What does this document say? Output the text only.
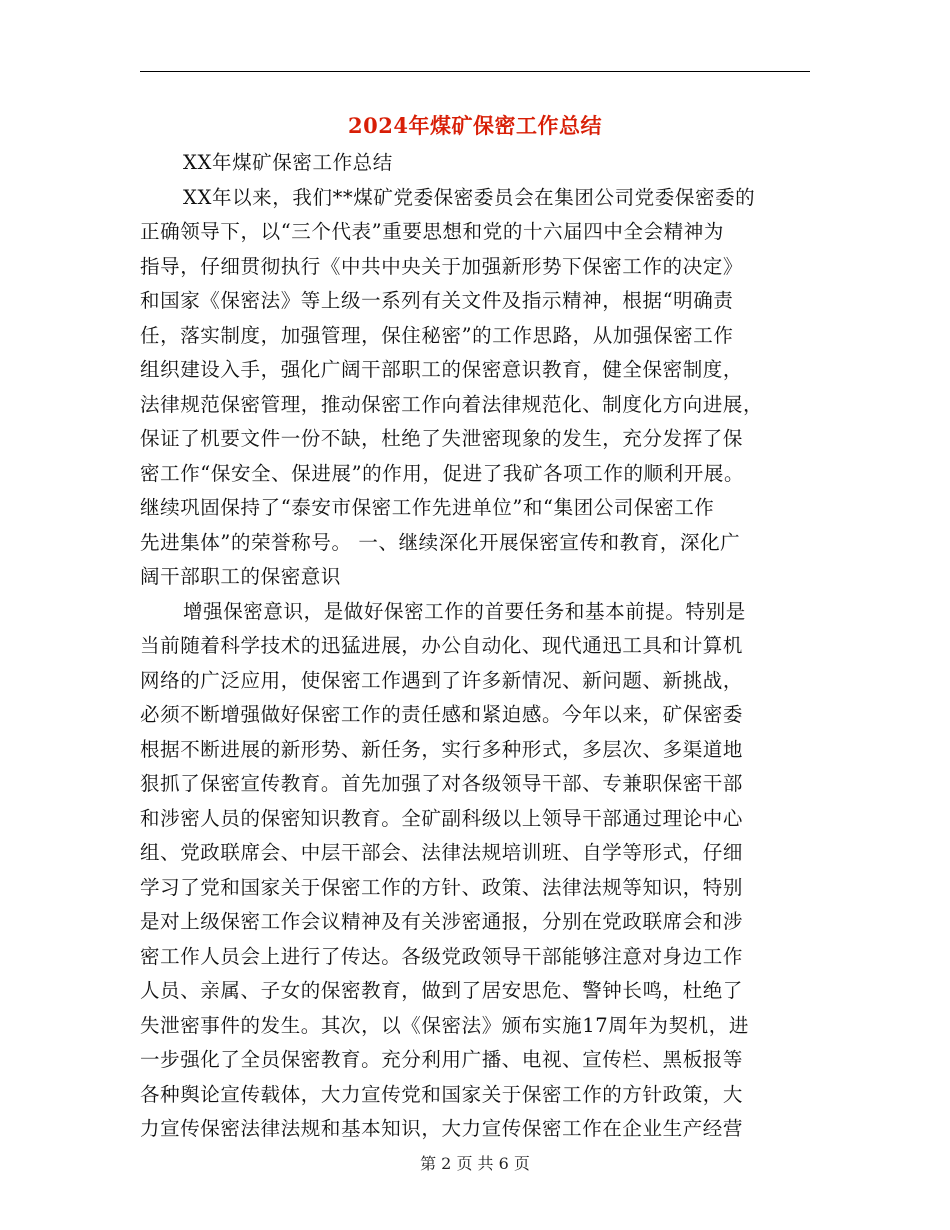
2024年煤矿保密工作总结
XX年煤矿保密工作总结
XX年以来，我们**煤矿党委保密委员会在集团公司党委保密委的
正确领导下，以“三个代表”重要思想和党的十六届四中全会精神为
指导，仔细贯彻执行《中共中央关于加强新形势下保密工作的决定》
和国家《保密法》等上级一系列有关文件及指示精神，根据“明确责
任，落实制度，加强管理，保住秘密”的工作思路，从加强保密工作
组织建设入手，强化广阔干部职工的保密意识教育，健全保密制度，
法律规范保密管理，推动保密工作向着法律规范化、制度化方向进展，
保证了机要文件一份不缺，杜绝了失泄密现象的发生，充分发挥了保
密工作“保安全、保进展”的作用，促进了我矿各项工作的顺利开展。
继续巩固保持了“泰安市保密工作先进单位”和“集团公司保密工作
先进集体”的荣誉称号。 一、继续深化开展保密宣传和教育，深化广
阔干部职工的保密意识
增强保密意识，是做好保密工作的首要任务和基本前提。特别是
当前随着科学技术的迅猛进展，办公自动化、现代通迅工具和计算机
网络的广泛应用，使保密工作遇到了许多新情况、新问题、新挑战，
必须不断增强做好保密工作的责任感和紧迫感。今年以来，矿保密委
根据不断进展的新形势、新任务，实行多种形式，多层次、多渠道地
狠抓了保密宣传教育。首先加强了对各级领导干部、专兼职保密干部
和涉密人员的保密知识教育。全矿副科级以上领导干部通过理论中心
组、党政联席会、中层干部会、法律法规培训班、自学等形式，仔细
学习了党和国家关于保密工作的方针、政策、法律法规等知识，特别
是对上级保密工作会议精神及有关涉密通报，分别在党政联席会和涉
密工作人员会上进行了传达。各级党政领导干部能够注意对身边工作
人员、亲属、子女的保密教育，做到了居安思危、警钟长鸣，杜绝了
失泄密事件的发生。其次，以《保密法》颁布实施17周年为契机，进
一步强化了全员保密教育。充分利用广播、电视、宣传栏、黑板报等
各种舆论宣传载体，大力宣传党和国家关于保密工作的方针政策，大
力宣传保密法律法规和基本知识，大力宣传保密工作在企业生产经营
第 2 页 共 6 页
